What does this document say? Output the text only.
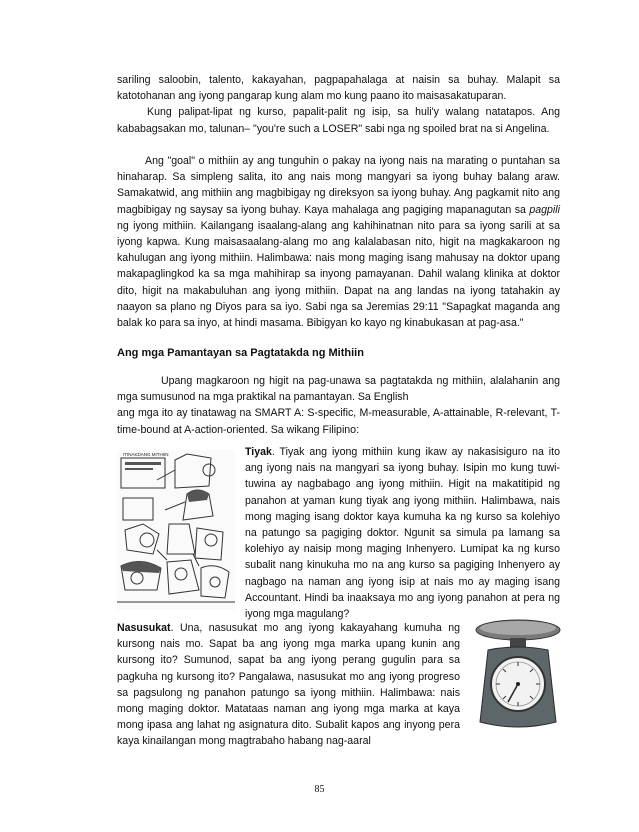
sariling saloobin, talento, kakayahan, pagpapahalaga at naisin sa buhay. Malapit sa katotohanan ang iyong pangarap kung alam mo kung paano ito maisasakatuparan.
Kung palipat-lipat ng kurso, papalit-palit ng isip, sa huli'y walang natatapos. Ang kababagsakan mo, talunan– "you're such a LOSER" sabi nga ng spoiled brat na si Angelina.
Ang "goal" o mithiin ay ang tunguhin o pakay na iyong nais na marating o puntahan sa hinaharap. Sa simpleng salita, ito ang nais mong mangyari sa iyong buhay balang araw. Samakatwid, ang mithiin ang magbibigay ng direksyon sa iyong buhay. Ang pagkamit nito ang magbibigay ng saysay sa iyong buhay. Kaya mahalaga ang pagiging mapanagutan sa pagpili ng iyong mithiin. Kailangang isaalang-alang ang kahihinatnan nito para sa iyong sarili at sa iyong kapwa. Kung maisasaalang-alang mo ang kalalabasan nito, higit na magkakaroon ng kahulugan ang iyong mithiin. Halimbawa: nais mong maging isang mahusay na doktor upang makapaglingkod ka sa mga mahihirap sa inyong pamayanan. Dahil walang klinika at doktor dito, higit na makabuluhan ang iyong mithiin. Dapat na ang landas na iyong tatahakin ay naayon sa plano ng Diyos para sa iyo. Sabi nga sa Jeremias 29:11 "Sapagkat maganda ang balak ko para sa inyo, at hindi masama. Bibigyan ko kayo ng kinabukasan at pag-asa."
Ang mga Pamantayan sa Pagtatakda ng Mithiin
Upang magkaroon ng higit na pag-unawa sa pagtatakda ng mithiin, alalahanin ang mga sumusunod na mga praktikal na pamantayan. Sa English
ang mga ito ay tinatawag na SMART A: S-specific, M-measurable, A-attainable, R-relevant, T-time-bound at A-action-oriented. Sa wikang Filipino:
ITINAKDANG MITHIIN	Tiyak. Tiyak ang iyong mithiin kung ikaw ay nakasisiguro na ito ang iyong nais na mangyari sa iyong buhay. Isipin mo kung tuwi-tuwina ay nagbabago ang iyong mithiin. Higit na makatitipid ng panahon at yaman kung tiyak ang iyong mithiin. Halimbawa, nais mong maging isang doktor kaya kumuha ka ng kurso sa kolehiyo na patungo sa pagiging doktor. Ngunit sa simula pa lamang sa kolehiyo ay naisip mong maging Inhenyero. Lumipat ka ng kurso subalit nang kinukuha mo na ang kurso sa pagiging Inhenyero ay nagbago na naman ang iyong isip at nais mo ay maging isang Accountant. Hindi ba inaaksaya mo ang iyong panahon at pera ng iyong mga magulang?
Nasusukat. Una, nasusukat mo ang iyong kakayahang kumuha ng kursong nais mo. Sapat ba ang iyong mga marka upang kunin ang kursong ito? Sumunod, sapat ba ang iyong perang gugulin para sa pagkuha ng kursong ito? Pangalawa, nasusukat mo ang iyong progreso sa pagsulong ng panahon patungo sa iyong mithiin. Halimbawa: nais mong maging doktor. Matataas naman ang iyong mga marka at kaya mong ipasa ang lahat ng asignatura dito. Subalit kapos ang inyong pera kaya kinailangan mong magtrabaho habang nag-aaral
85
